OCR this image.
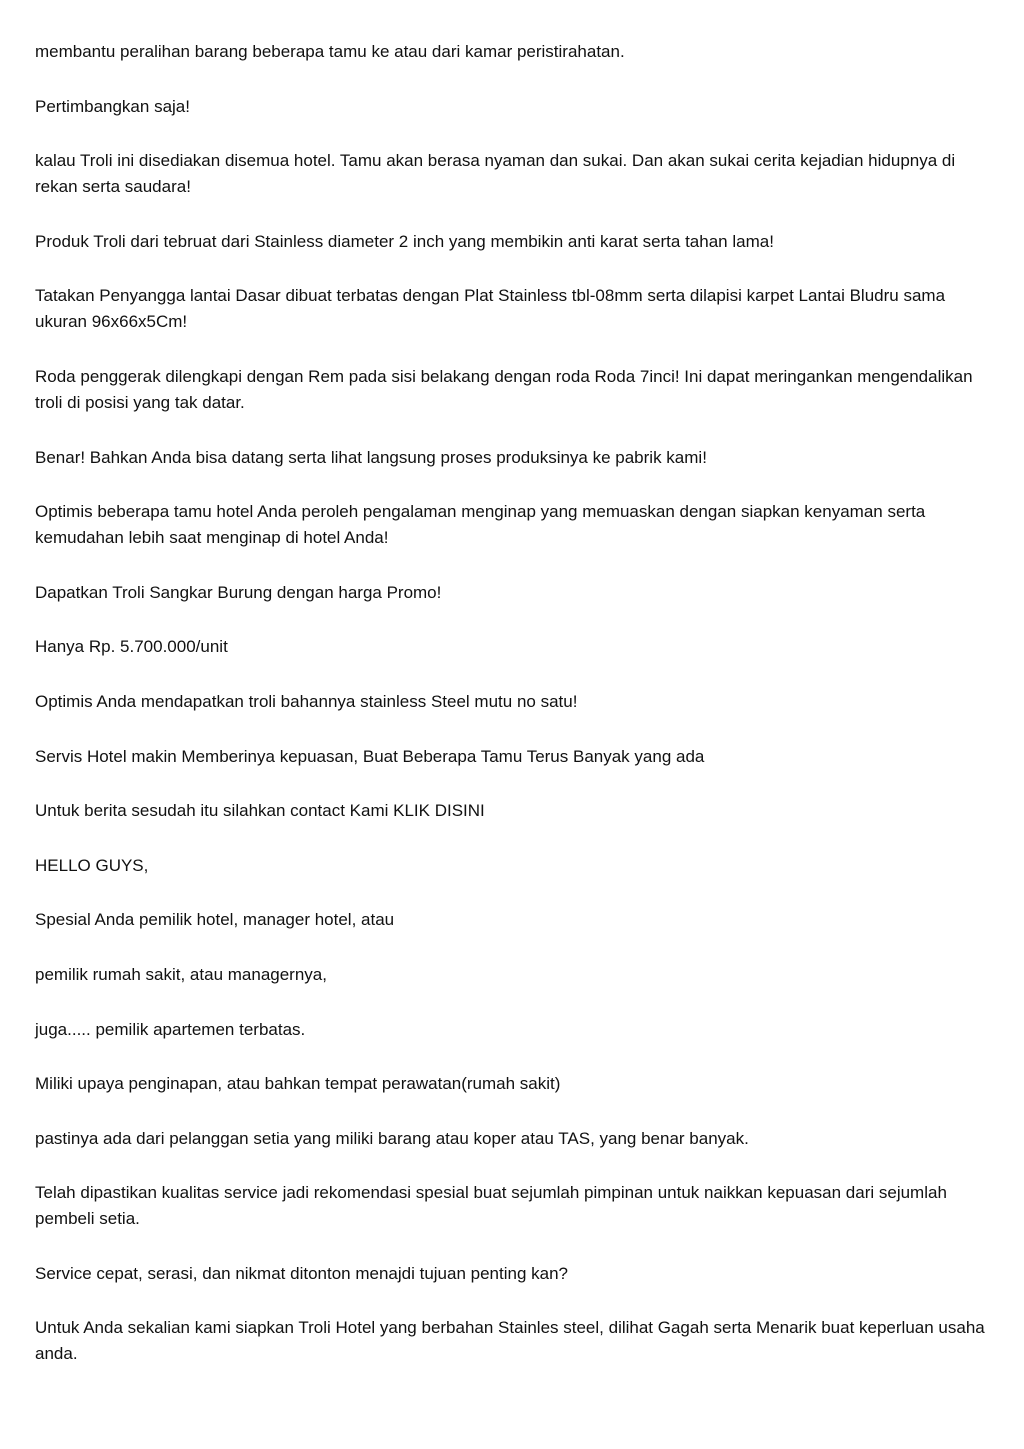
membantu peralihan barang beberapa tamu ke atau dari kamar peristirahatan.

Pertimbangkan saja!

kalau Troli ini disediakan disemua hotel. Tamu akan berasa nyaman dan sukai. Dan akan sukai cerita kejadian hidupnya di rekan serta saudara!

Produk Troli dari tebruat dari Stainless diameter 2 inch yang membikin anti karat serta tahan lama!

Tatakan Penyangga lantai Dasar dibuat terbatas dengan Plat Stainless tbl-08mm serta dilapisi karpet Lantai Bludru sama ukuran 96x66x5Cm!

Roda penggerak dilengkapi dengan Rem pada sisi belakang dengan roda Roda 7inci! Ini dapat meringankan mengendalikan troli di posisi yang tak datar.

Benar! Bahkan Anda bisa datang serta lihat langsung proses produksinya ke pabrik kami!

Optimis beberapa tamu hotel Anda peroleh pengalaman menginap yang memuaskan dengan siapkan kenyaman serta kemudahan lebih saat menginap di hotel Anda!

Dapatkan Troli Sangkar Burung dengan harga Promo!

Hanya Rp. 5.700.000/unit

Optimis Anda mendapatkan troli bahannya stainless Steel mutu no satu!

Servis Hotel makin Memberinya kepuasan, Buat Beberapa Tamu Terus Banyak yang ada

Untuk berita sesudah itu silahkan contact Kami KLIK DISINI

HELLO GUYS,

Spesial Anda pemilik hotel, manager hotel, atau

pemilik rumah sakit, atau managernya,

juga..... pemilik apartemen terbatas.

Miliki upaya penginapan, atau bahkan tempat perawatan(rumah sakit)

pastinya ada dari pelanggan setia yang miliki barang atau koper atau TAS, yang benar banyak.

Telah dipastikan kualitas service jadi rekomendasi spesial buat sejumlah pimpinan untuk naikkan kepuasan dari sejumlah pembeli setia.

Service cepat, serasi, dan nikmat ditonton menajdi tujuan penting kan?

Untuk Anda sekalian kami siapkan Troli Hotel yang berbahan Stainles steel, dilihat Gagah serta Menarik buat keperluan usaha anda.
